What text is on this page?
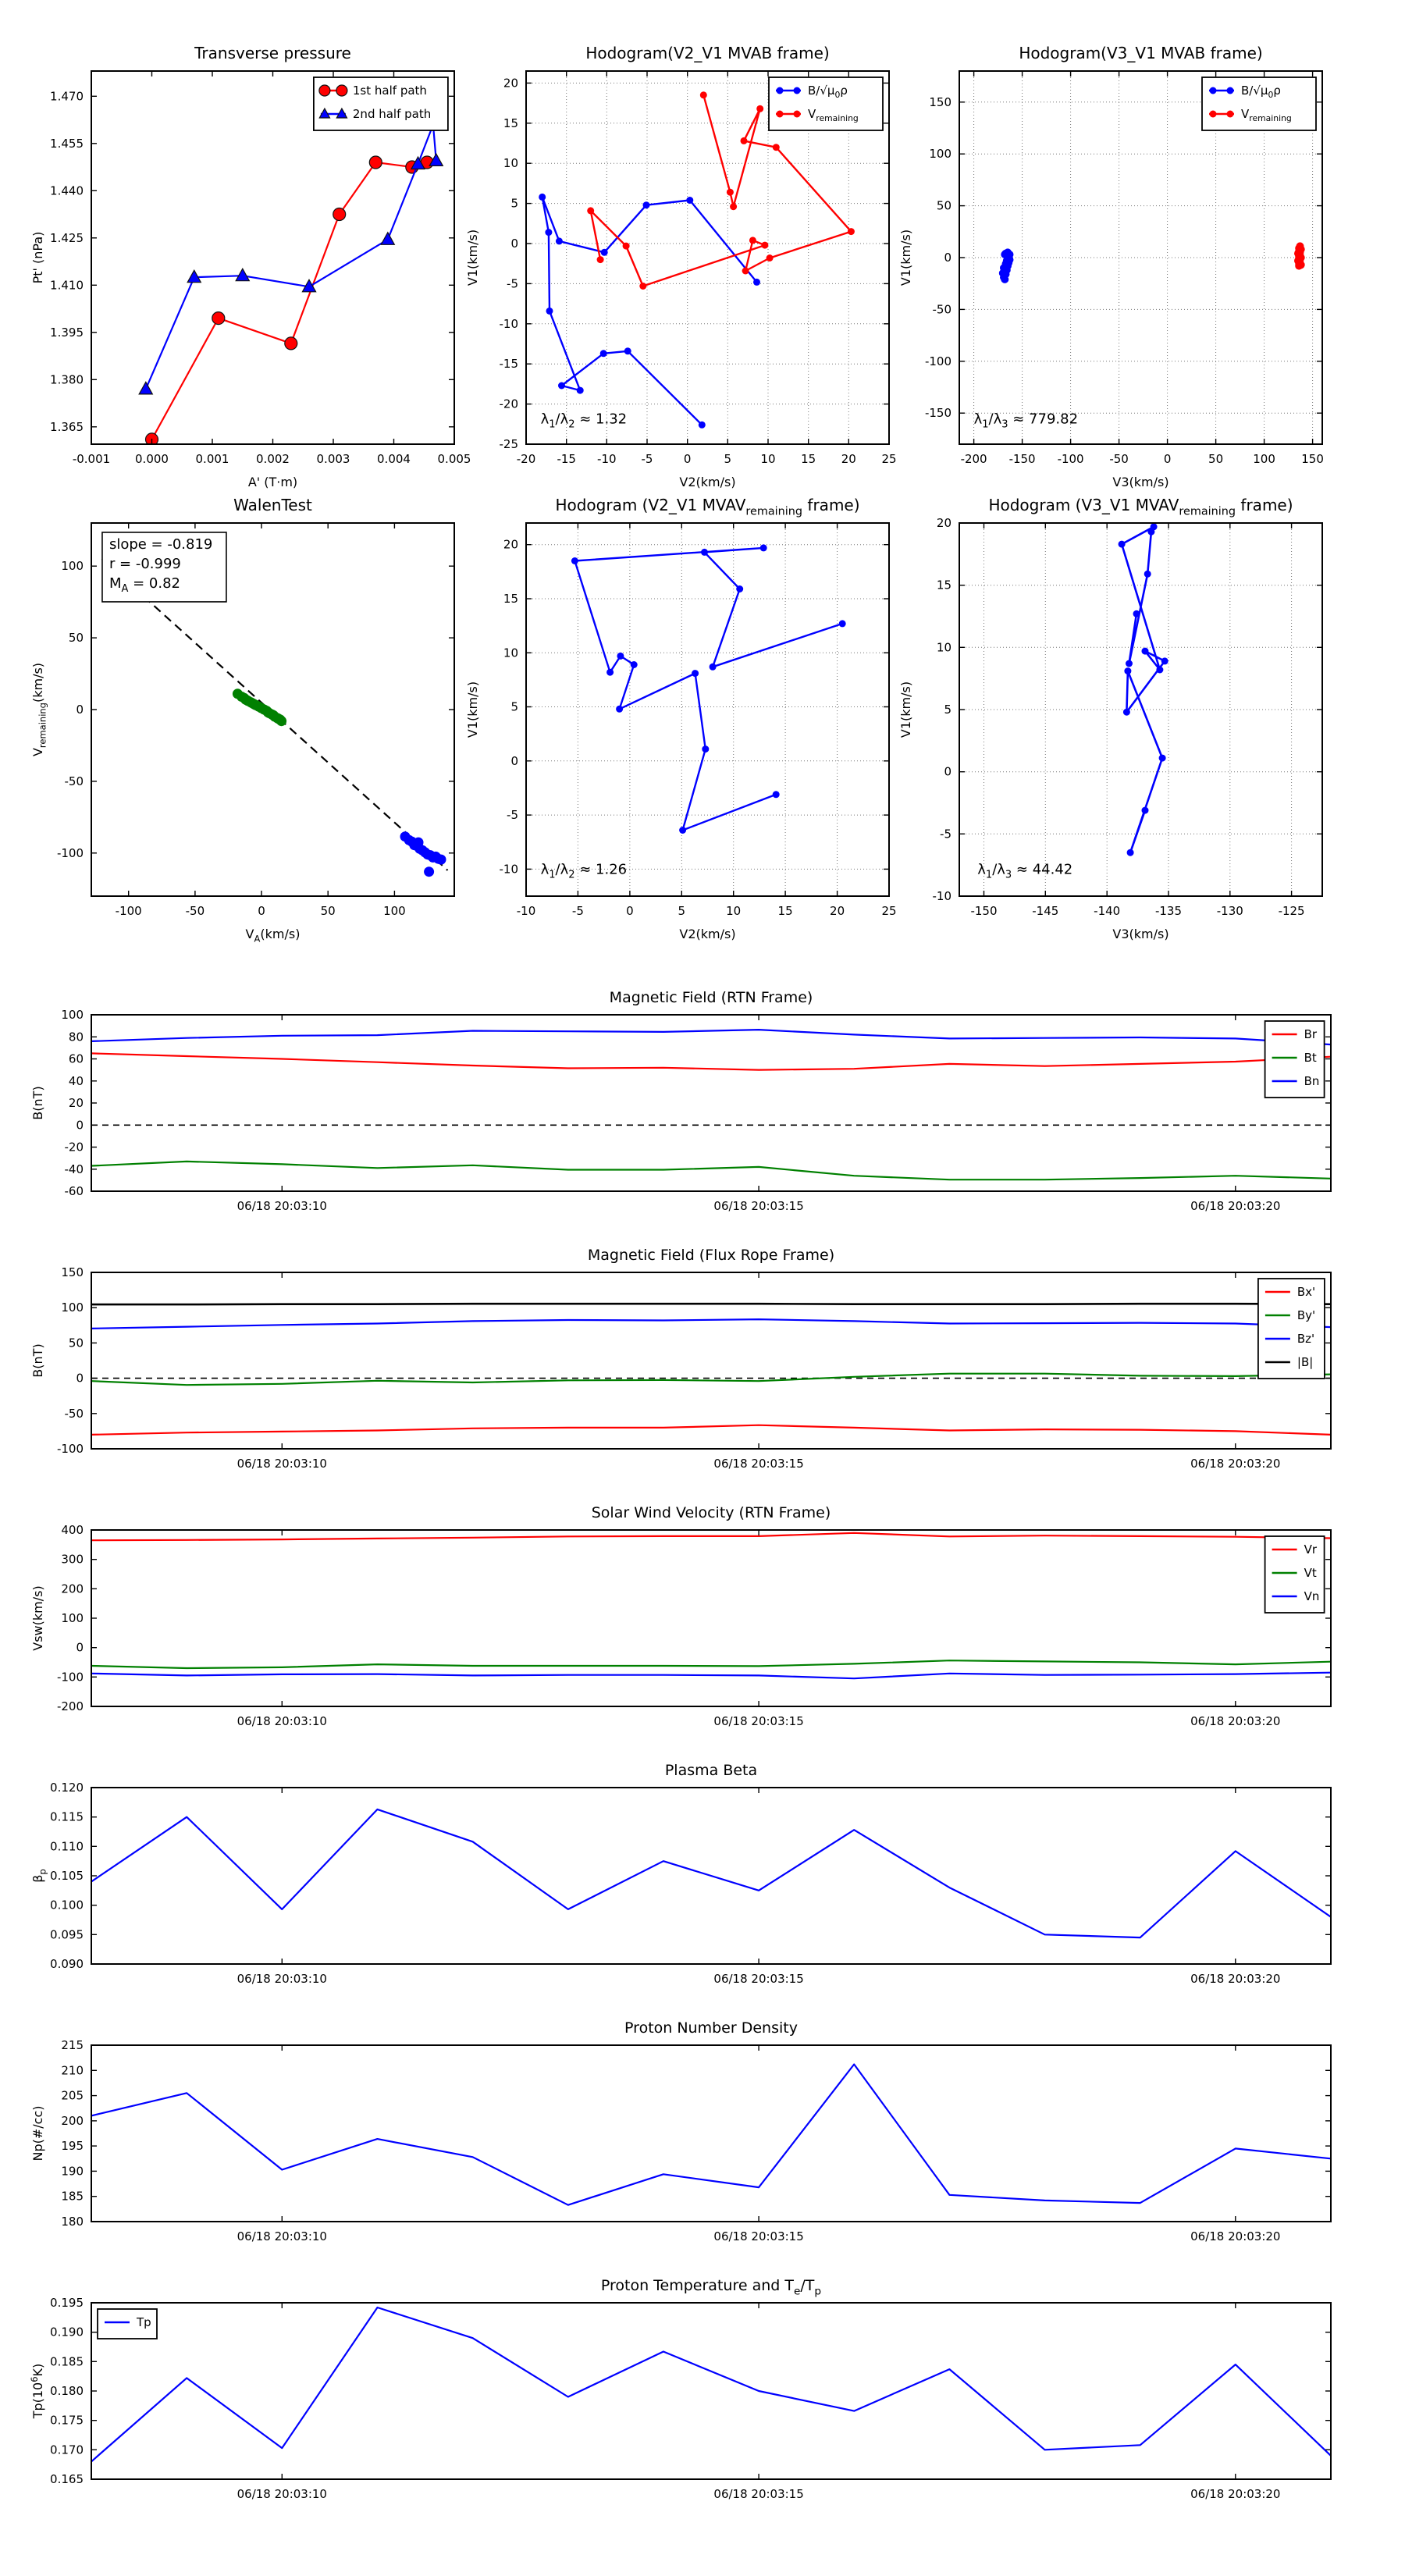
-0.001 0.000 0.001 0.002 0.003 0.004 0.005
1.365
1.380
1.395
1.410
1.425
1.440
1.455
1.470
Transverse pressure
A' (T·m)
Pt' (nPa)
1st half path
2nd half path
-20 -15 -10 -5	0	5 10 15 20 25
-25
-20
-15
-10
-5
0
5
10
15
20
Hodogram(V2_V1 MVAB frame)
V2(km/s)
V1(km/s)
$\lambda_1/\lambda_2 \approx 1.32$
$B/√\mu_0\rho$
$V_{remaining}$
-200 -150 -100 -50	0	50	100 150
-150
-100
-50
0
50
100
150
Hodogram(V3_V1 MVAB frame)
V3(km/s)
V1(km/s)
$\lambda_1/\lambda_3 \approx 779.82$
$B/√\mu_0\rho$
$V_{remaining}$
-100	-50	0	50	100
-100
-50
0
50
100
WalenTest
$V_A(km/s)$
$V_{remaining}(km/s)$
slope = -0.819
r = -0.999
$M_A = 0.82$
-10	-5	0	5	10	15	20	25
-10
-5
0
5
10
15
20
Hodogram (V2_V1 $MVAV_{remaining}$ frame)
V2(km/s)
V1(km/s)
$\lambda_1/\lambda_2 \approx 1.26$
-150	-145	-140	-135	-130	-125
-10
-5
0
5
10
15
20
Hodogram (V3_V1 $MVAV_{remaining}$ frame)
V3(km/s)
V1(km/s)
$\lambda_1/\lambda_3 \approx 44.42$
06/18 20:03:10	06/18 20:03:15	06/18 20:03:20
-60
-40
-20
0
20
40
60
80
100
Magnetic Field (RTN Frame)
B(nT)
Br
Bt
Bn
06/18 20:03:10	06/18 20:03:15	06/18 20:03:20
-100
-50
0
50
100
150
Magnetic Field (Flux Rope Frame)
B(nT)
Bx'
By'
Bz'
|B|
06/18 20:03:10	06/18 20:03:15	06/18 20:03:20
-200
-100
0
100
200
300
400
Solar Wind Velocity (RTN Frame)
Vsw(km/s)
Vr
Vt
Vn
06/18 20:03:10	06/18 20:03:15	06/18 20:03:20
0.090
0.095
0.100
0.105
0.110
0.115
0.120
Plasma Beta
$\beta_p$
06/18 20:03:10	06/18 20:03:15	06/18 20:03:20
180
185
190
195
200
205
210
215
Proton Number Density
Np(#/cc)
06/18 20:03:10	06/18 20:03:15	06/18 20:03:20
0.165
0.170
0.175
0.180
0.185
0.190
0.195
Proton Temperature and $T_e/T_p$
$Tp(10^6K)$
Tp
